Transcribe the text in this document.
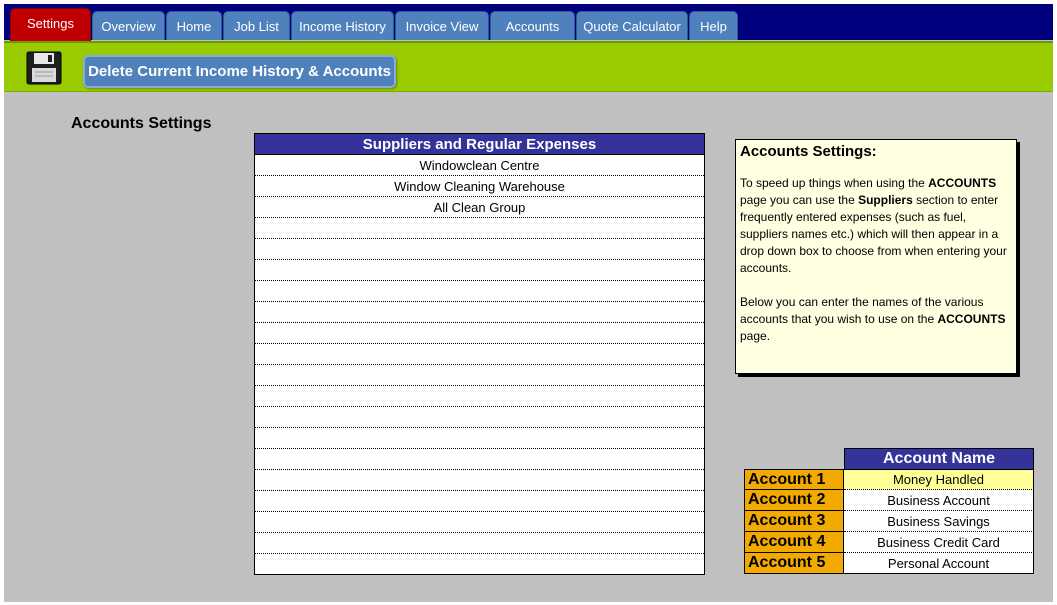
Settings	Overview	Home	Job List	Income History	Invoice View	Accounts	Quote Calculator	Help
Delete Current Income History & Accounts
Accounts Settings
Suppliers and Regular Expenses
Windowclean Centre
Window Cleaning Warehouse
All Clean Group
Accounts Settings:

To speed up things when using the ACCOUNTS page you can use the Suppliers section to enter frequently entered expenses (such as fuel, suppliers names etc.) which will then appear in a drop down box to choose from when entering your accounts.

Below you can enter the names of the various accounts that you wish to use on the ACCOUNTS page.

Account Name
Account 1	Money Handled
Account 2	Business Account
Account 3	Business Savings
Account 4	Business Credit Card
Account 5	Personal Account
